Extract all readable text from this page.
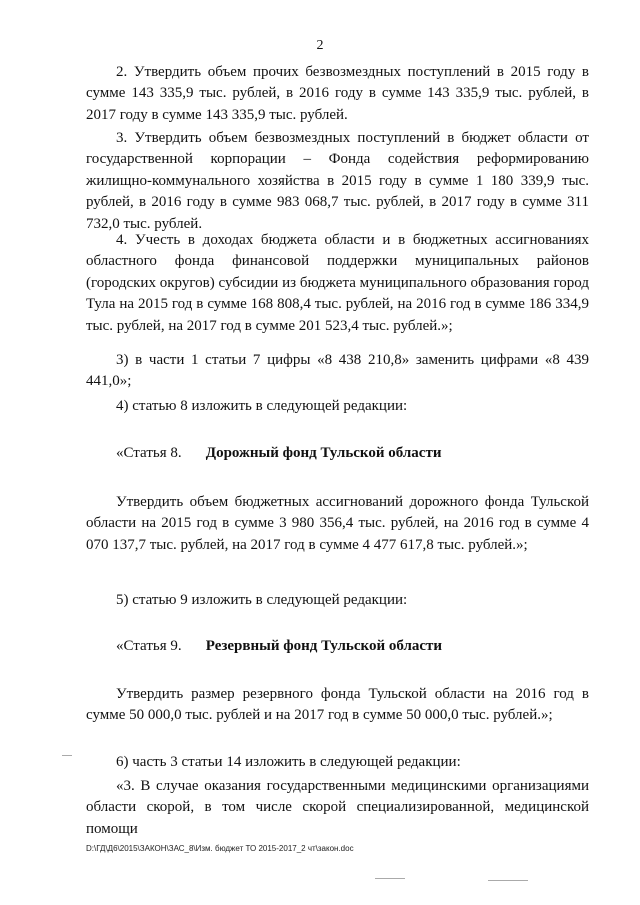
2

2. Утвердить объем прочих безвозмездных поступлений в 2015 году в сумме 143 335,9 тыс. рублей, в 2016 году в сумме 143 335,9 тыс. рублей, в 2017 году в сумме 143 335,9 тыс. рублей.

3. Утвердить объем безвозмездных поступлений в бюджет области от государственной корпорации – Фонда содействия реформированию жилищно-коммунального хозяйства в 2015 году в сумме 1 180 339,9 тыс. рублей, в 2016 году в сумме 983 068,7 тыс. рублей, в 2017 году в сумме 311 732,0 тыс. рублей.

4. Учесть в доходах бюджета области и в бюджетных ассигнованиях областного фонда финансовой поддержки муниципальных районов (городских округов) субсидии из бюджета муниципального образования город Тула на 2015 год в сумме 168 808,4 тыс. рублей, на 2016 год в сумме 186 334,9 тыс. рублей, на 2017 год в сумме 201 523,4 тыс. рублей.»;

3) в части 1 статьи 7 цифры «8 438 210,8» заменить цифрами «8 439 441,0»;

4) статью 8 изложить в следующей редакции:

«Статья 8. Дорожный фонд Тульской области

Утвердить объем бюджетных ассигнований дорожного фонда Тульской области на 2015 год в сумме 3 980 356,4 тыс. рублей, на 2016 год в сумме 4 070 137,7 тыс. рублей, на 2017 год в сумме 4 477 617,8 тыс. рублей.»;

5) статью 9 изложить в следующей редакции:

«Статья 9. Резервный фонд Тульской области

Утвердить размер резервного фонда Тульской области на 2016 год в сумме 50 000,0 тыс. рублей и на 2017 год в сумме 50 000,0 тыс. рублей.»;

6) часть 3 статьи 14 изложить в следующей редакции:

«3. В случае оказания государственными медицинскими организациями области скорой, в том числе скорой специализированной, медицинской помощи

D:\ГД\Д6\2015\ЗАКОН\ЗАС_8\Изм. бюджет ТО 2015-2017_2 чт\закон.doc
